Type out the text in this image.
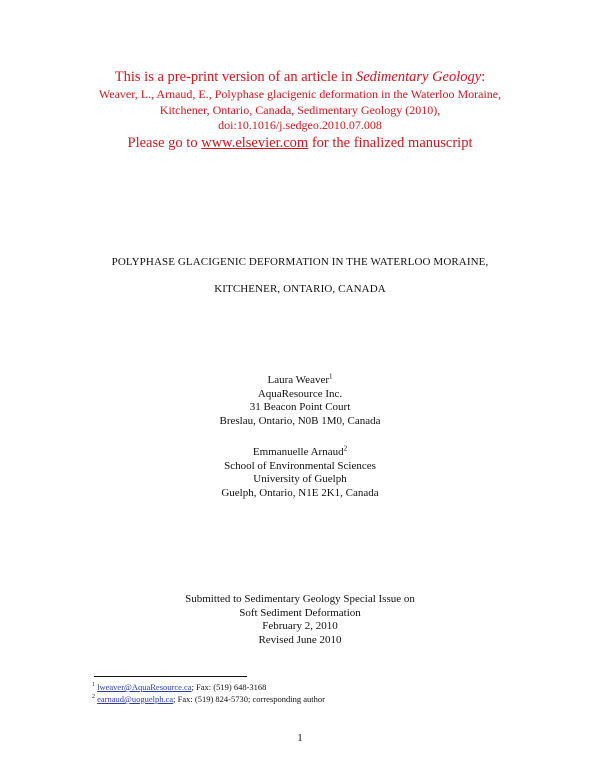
This is a pre-print version of an article in Sedimentary Geology:
Weaver, L., Arnaud, E., Polyphase glacigenic deformation in the Waterloo Moraine,
Kitchener, Ontario, Canada, Sedimentary Geology (2010),
doi:10.1016/j.sedgeo.2010.07.008
Please go to www.elsevier.com for the finalized manuscript
POLYPHASE GLACIGENIC DEFORMATION IN THE WATERLOO MORAINE,
KITCHENER, ONTARIO, CANADA
Laura Weaver$^1$
AquaResource Inc.
31 Beacon Point Court
Breslau, Ontario, N0B 1M0, Canada
Emmanuelle Arnaud$^2$
School of Environmental Sciences
University of Guelph
Guelph, Ontario, N1E 2K1, Canada
Submitted to Sedimentary Geology Special Issue on
Soft Sediment Deformation
February 2, 2010
Revised June 2010
$^1$ lweaver@AquaResource.ca; Fax: (519) 648-3168
$^2$ earnaud@uoguelph.ca; Fax: (519) 824-5730; corresponding author
1
